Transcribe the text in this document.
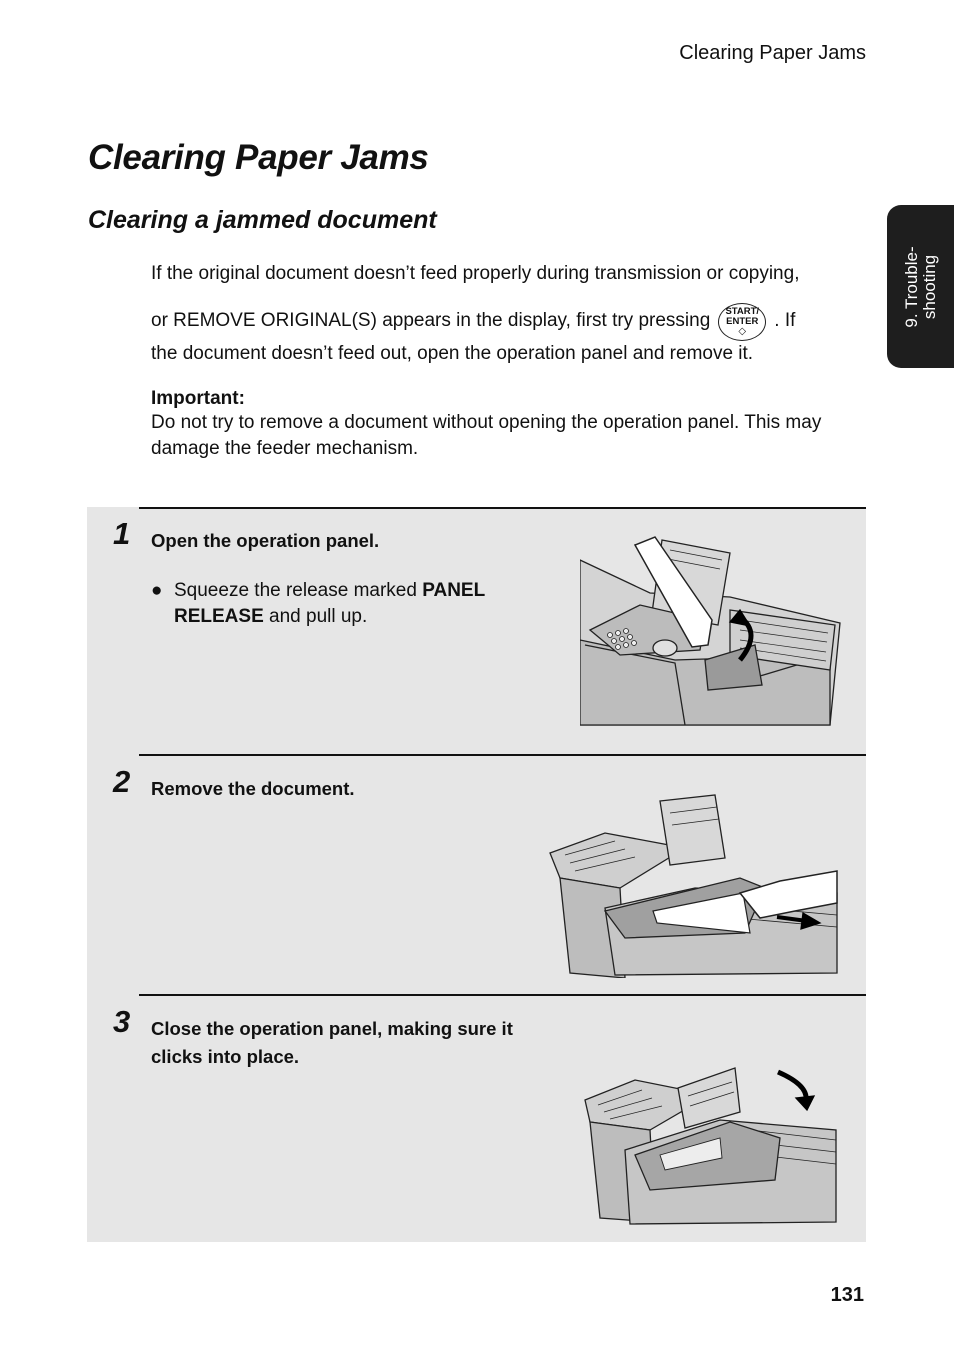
Clearing Paper Jams
9. Trouble-
shooting
Clearing Paper Jams
Clearing a jammed document

If the original document doesn’t feed properly during transmission or copying,

or REMOVE ORIGINAL(S) appears in the display, first try pressing START/
ENTER
◇
. If

the document doesn’t feed out, open the operation panel and remove it.

Important:
Do not try to remove a document without opening the operation panel. This may damage the feeder mechanism.
1 Open the operation panel.
● Squeeze the release marked PANEL RELEASE and pull up.
2 Remove the document.
3 Close the operation panel, making sure it clicks into place.
131
